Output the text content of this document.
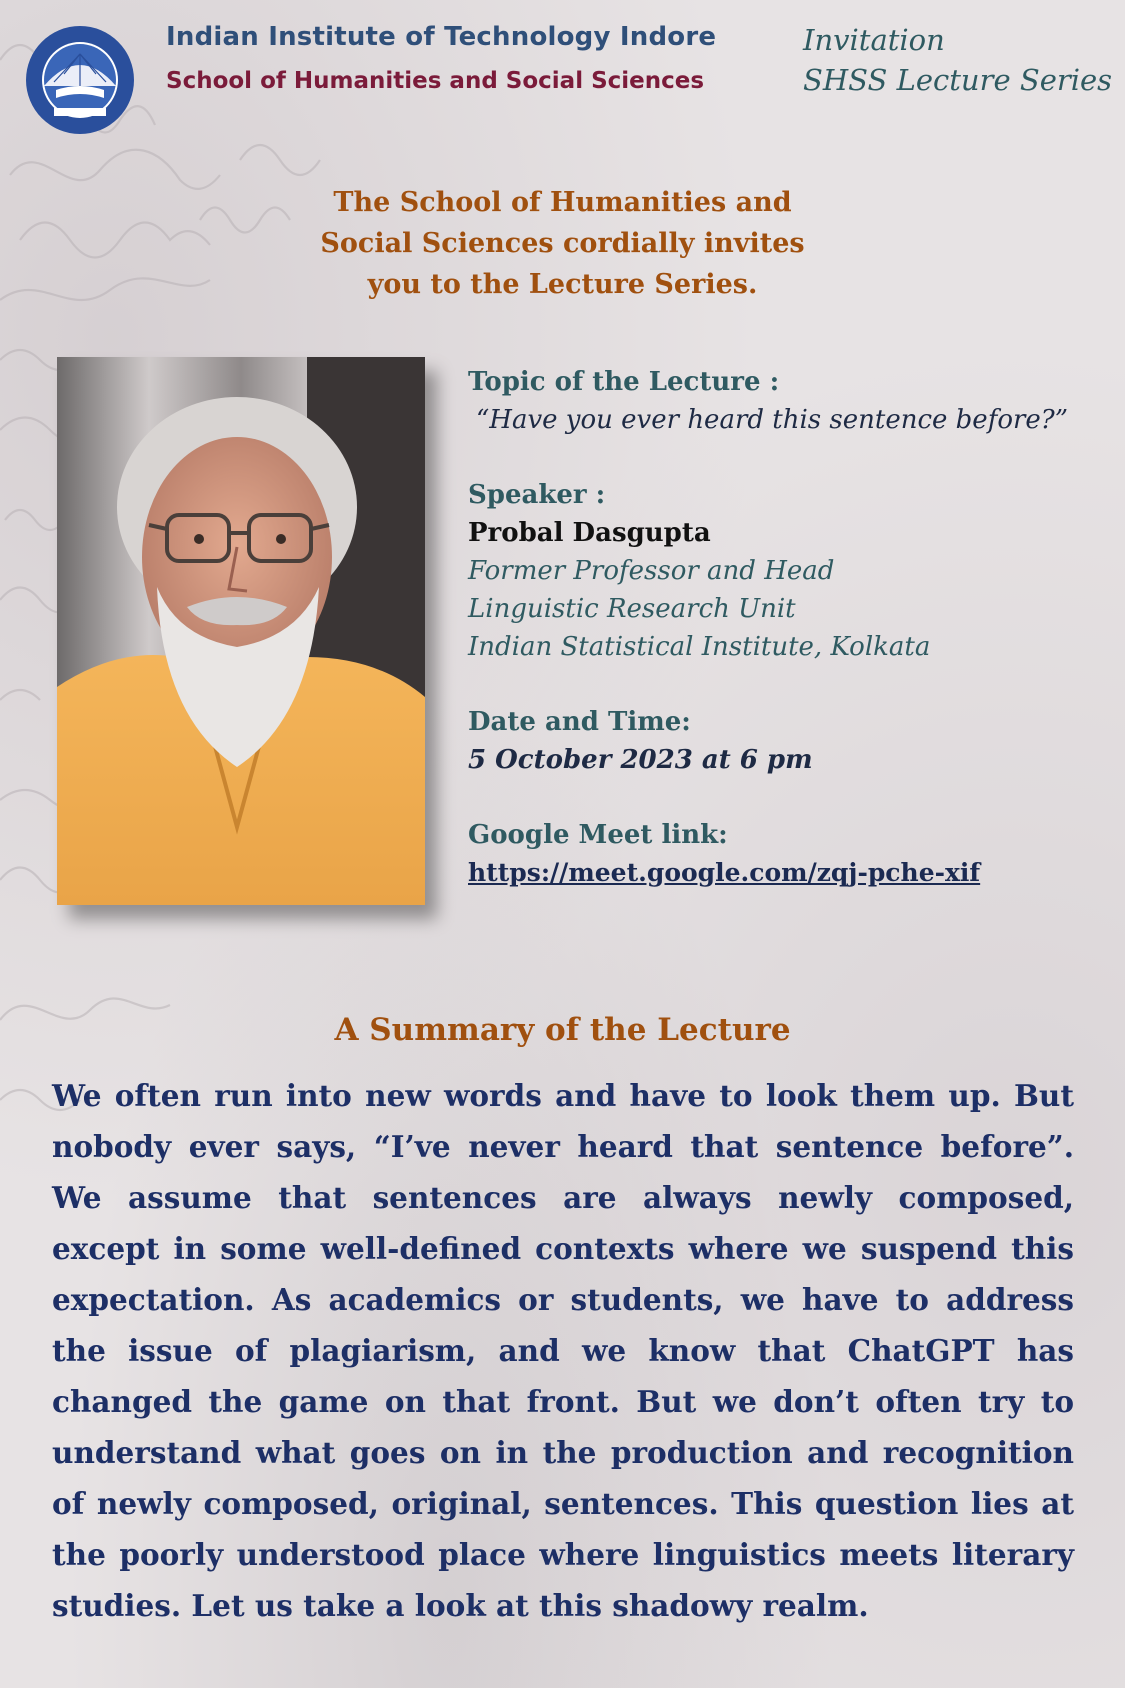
Indian Institute of Technology Indore
School of Humanities and Social Sciences
Invitation
SHSS Lecture Series
The School of Humanities and
Social Sciences cordially invites
you to the Lecture Series.

Topic of the Lecture :

“Have you ever heard this sentence before?”

Speaker :

Probal Dasgupta

Former Professor and Head

Linguistic Research Unit

Indian Statistical Institute, Kolkata

Date and Time:

5 October 2023 at 6 pm

Google Meet link:

https://meet.google.com/zqj-pche-xif

A Summary of the Lecture

We often run into new words and have to look them up. But nobody ever says, “I’ve never heard that sentence before”. We assume that sentences are always newly composed, except in some well-defined contexts where we suspend this expectation. As academics or students, we have to address the issue of plagiarism, and we know that ChatGPT has changed the game on that front. But we don’t often try to understand what goes on in the production and recognition of newly composed, original, sentences. This question lies at the poorly understood place where linguistics meets literary studies. Let us take a look at this shadowy realm.
